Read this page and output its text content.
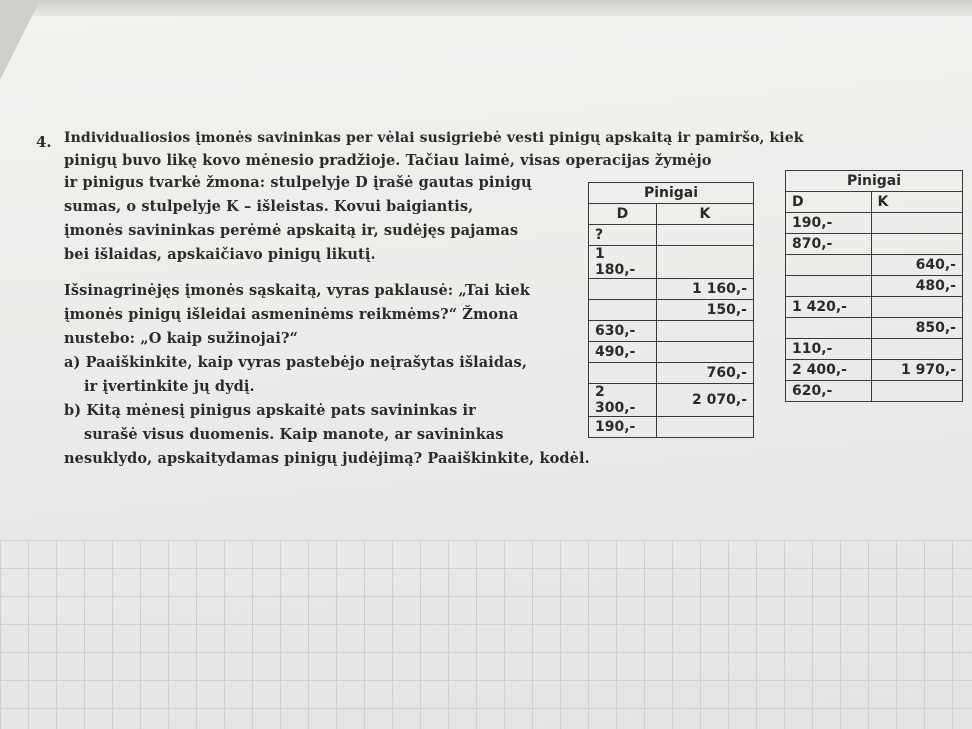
4. Individualiosios įmonės savininkas per vėlai susigriebė vesti pinigų apskaitą ir pamiršo, kiek
pinigų buvo likę kovo mėnesio pradžioje. Tačiau laimė, visas operacijas žymėjo
ir pinigus tvarkė žmona: stulpelyje D įrašė gautas pinigų
sumas, o stulpelyje K – išleistas. Kovui baigiantis,
įmonės savininkas perėmė apskaitą ir, sudėjęs pajamas
bei išlaidas, apskaičiavo pinigų likutį.
Išsinagrinėjęs įmonės sąskaitą, vyras paklausė: „Tai kiek
įmonės pinigų išleidai asmeninėms reikmėms?“ Žmona
nustebo: „O kaip sužinojai?“
a) Paaiškinkite, kaip vyras pastebėjo neįrašytas išlaidas,
ir įvertinkite jų dydį.
b) Kitą mėnesį pinigus apskaitė pats savininkas ir
surašė visus duomenis. Kaip manote, ar savininkas
nesuklydo, apskaitydamas pinigų judėjimą? Paaiškinkite, kodėl.
Pinigai	
D	K
?	
1 180,-	
	1 160,-
	150,-
630,-	
490,-	
	760,-
2 300,-	2 070,-
190,-	
Pinigai	
D	K
190,-	
870,-	
	640,-
	480,-
1 420,-	
	850,-
110,-	
2 400,-	1 970,-
620,-	
